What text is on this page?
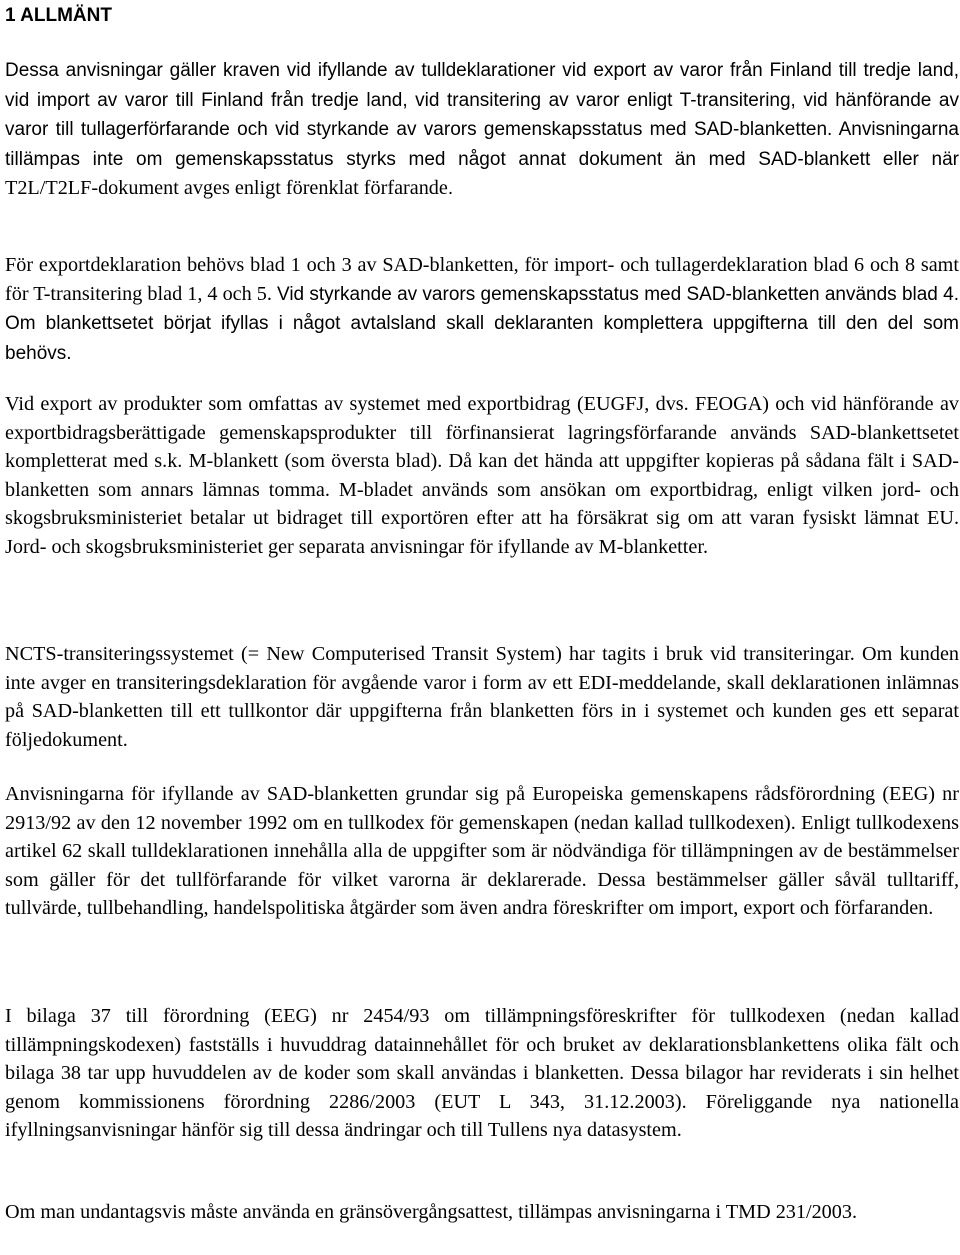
1 ALLMÄNT

Dessa anvisningar gäller kraven vid ifyllande av tulldeklarationer vid export av varor från Finland till tredje land, vid import av varor till Finland från tredje land, vid transitering av varor enligt T-transitering, vid hänförande av varor till tullagerförfarande och vid styrkande av varors gemenskapsstatus med SAD-blanketten. Anvisningarna tillämpas inte om gemenskapsstatus styrks med något annat dokument än med SAD-blankett eller när T2L/T2LF-dokument avges enligt förenklat förfarande.

För exportdeklaration behövs blad 1 och 3 av SAD-blanketten, för import- och tullagerdeklaration blad 6 och 8 samt för T-transitering blad 1, 4 och 5. Vid styrkande av varors gemenskapsstatus med SAD-blanketten används blad 4. Om blankettsetet börjat ifyllas i något avtalsland skall deklaranten komplettera uppgifterna till den del som behövs.

Vid export av produkter som omfattas av systemet med exportbidrag (EUGFJ, dvs. FEOGA) och vid hänförande av exportbidragsberättigade gemenskapsprodukter till förfinansierat lagringsförfarande används SAD-blankettsetet kompletterat med s.k. M-blankett (som översta blad). Då kan det hända att uppgifter kopieras på sådana fält i SAD-blanketten som annars lämnas tomma. M-bladet används som ansökan om exportbidrag, enligt vilken jord- och skogsbruksministeriet betalar ut bidraget till exportören efter att ha försäkrat sig om att varan fysiskt lämnat EU. Jord- och skogsbruksministeriet ger separata anvisningar för ifyllande av M-blanketter.

NCTS-transiteringssystemet (= New Computerised Transit System) har tagits i bruk vid transiteringar. Om kunden inte avger en transiteringsdeklaration för avgående varor i form av ett EDI-meddelande, skall deklarationen inlämnas på SAD-blanketten till ett tullkontor där uppgifterna från blanketten förs in i systemet och kunden ges ett separat följedokument.

Anvisningarna för ifyllande av SAD-blanketten grundar sig på Europeiska gemenskapens rådsförordning (EEG) nr 2913/92 av den 12 november 1992 om en tullkodex för gemenskapen (nedan kallad tullkodexen). Enligt tullkodexens artikel 62 skall tulldeklarationen innehålla alla de uppgifter som är nödvändiga för tillämpningen av de bestämmelser som gäller för det tullförfarande för vilket varorna är deklarerade. Dessa bestämmelser gäller såväl tulltariff, tullvärde, tullbehandling, handelspolitiska åtgärder som även andra föreskrifter om import, export och förfaranden.

I bilaga 37 till förordning (EEG) nr 2454/93 om tillämpningsföreskrifter för tullkodexen (nedan kallad tillämpningskodexen) fastställs i huvuddrag datainnehållet för och bruket av deklarationsblankettens olika fält och bilaga 38 tar upp huvuddelen av de koder som skall användas i blanketten. Dessa bilagor har reviderats i sin helhet genom kommissionens förordning 2286/2003 (EUT L 343, 31.12.2003). Föreliggande nya nationella ifyllningsanvisningar hänför sig till dessa ändringar och till Tullens nya datasystem.

Om man undantagsvis måste använda en gränsövergångsattest, tillämpas anvisningarna i TMD 231/2003.
